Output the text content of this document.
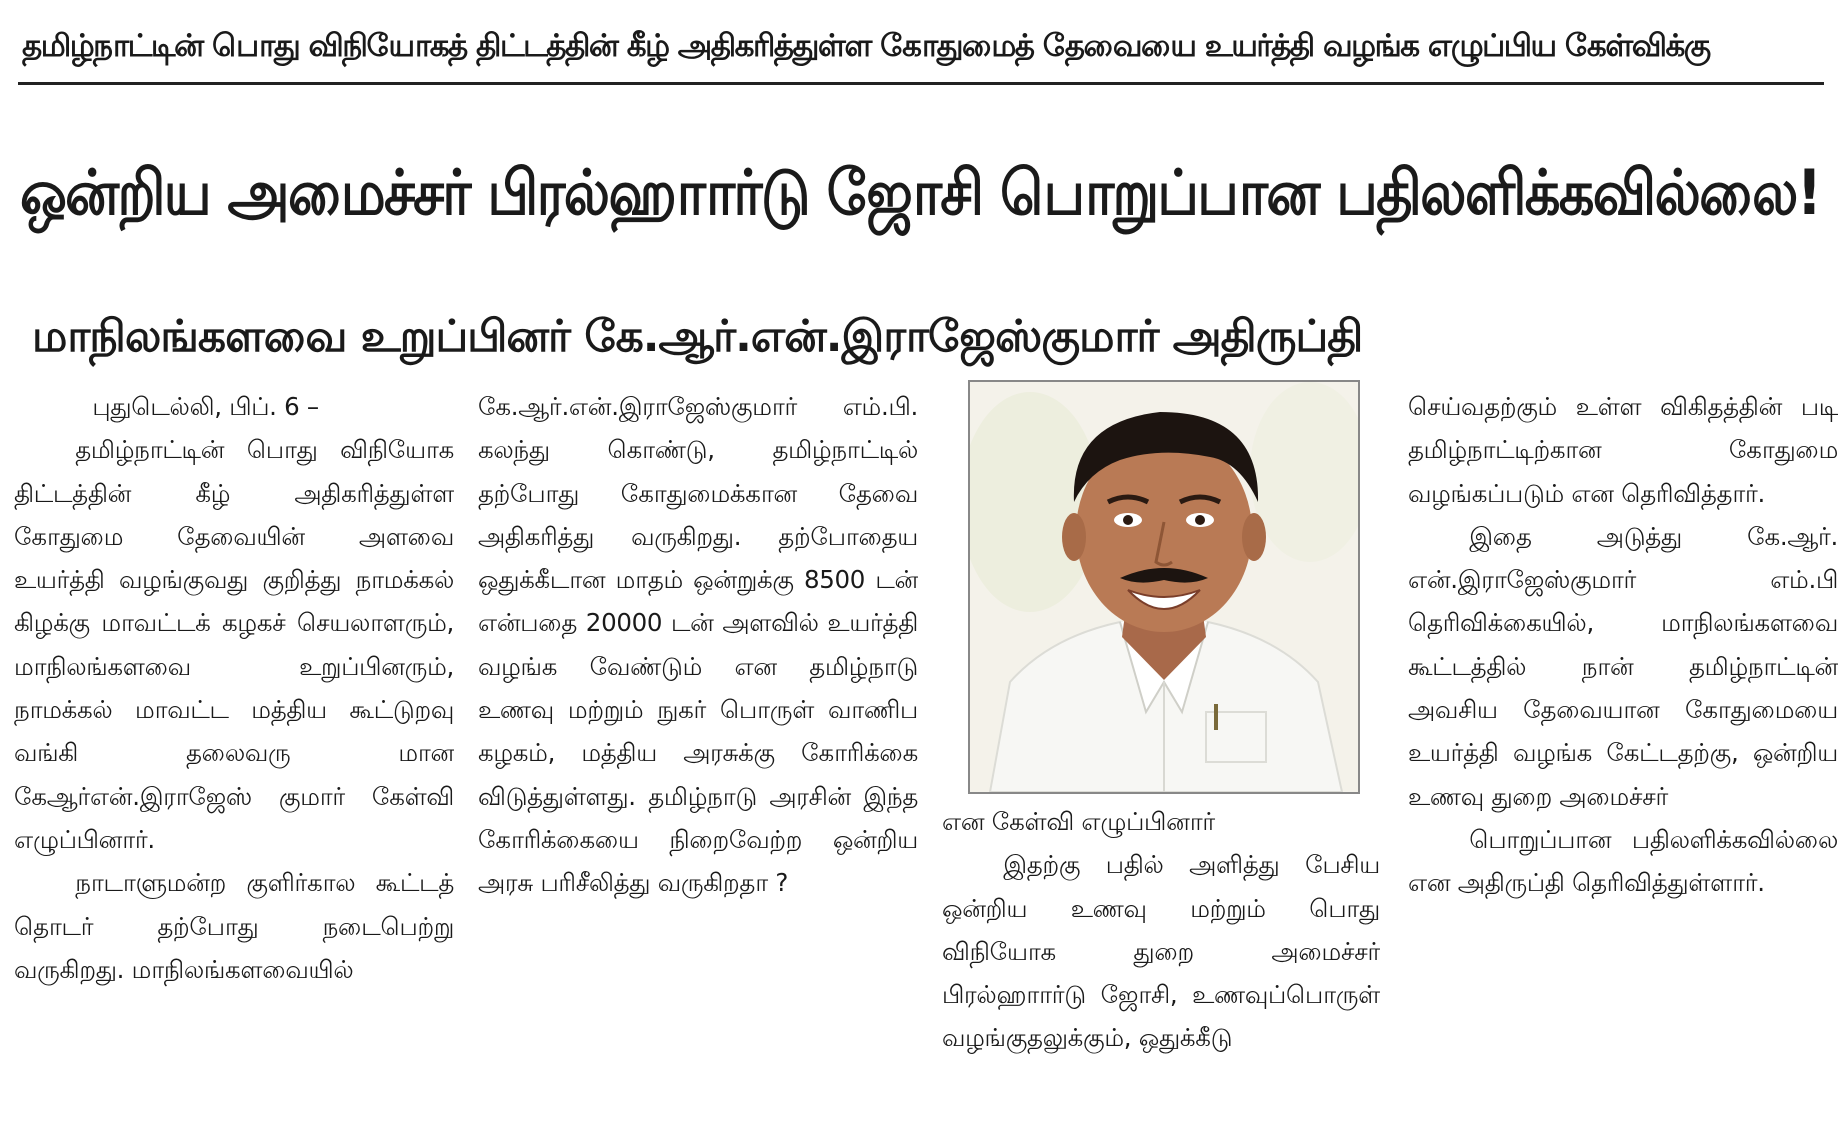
தமிழ்நாட்டின் பொது விநியோகத் திட்டத்தின் கீழ் அதிகரித்துள்ள கோதுமைத் தேவையை உயர்த்தி வழங்க எழுப்பிய கேள்விக்கு
ஒன்றிய அமைச்சர் பிரல்ஹாார்டு ஜோசி பொறுப்பான பதிலளிக்கவில்லை!
மாநிலங்களவை உறுப்பினர் கே.ஆர்.என்.இராஜேஸ்குமார் அதிருப்தி

புதுடெல்லி, பிப். 6 –

தமிழ்நாட்டின் பொது விநியோக திட்டத்தின் கீழ் அதிகரித்துள்ள கோதுமை தேவையின் அளவை உயர்த்தி வழங்குவது குறித்து நாமக்கல் கிழக்கு மாவட்டக் கழகச் செயலாளரும், மாநிலங்களவை உறுப்பினரும், நாமக்கல் மாவட்ட மத்திய கூட்டுறவு வங்கி தலைவரு மான கேஆர்என்.இராஜேஸ் குமார் கேள்வி எழுப்பினார்.

நாடாளுமன்ற குளிர்கால கூட்டத் தொடர் தற்போது நடைபெற்று வருகிறது. மாநிலங்களவையில்

கே.ஆர்.என்.இராஜேஸ்குமார் எம்.பி. கலந்து கொண்டு, தமிழ்நாட்டில் தற்போது கோதுமைக்கான தேவை அதிகரித்து வருகிறது. தற்போதைய ஒதுக்கீடான மாதம் ஒன்றுக்கு 8500 டன் என்பதை 20000 டன் அளவில் உயர்த்தி வழங்க வேண்டும் என தமிழ்நாடு உணவு மற்றும் நுகர் பொருள் வாணிப கழகம், மத்திய அரசுக்கு கோரிக்கை விடுத்துள்ளது. தமிழ்நாடு அரசின் இந்த கோரிக்கையை நிறைவேற்ற ஒன்றிய அரசு பரிசீலித்து வருகிறதா ?

என கேள்வி எழுப்பினார்

இதற்கு பதில் அளித்து பேசிய ஒன்றிய உணவு மற்றும் பொது விநியோக துறை அமைச்சர் பிரல்ஹாார்டு ஜோசி, உணவுப்பொருள் வழங்குதலுக்கும், ஒதுக்கீடு

செய்வதற்கும் உள்ள விகிதத்தின் படி தமிழ்நாட்டிற்கான கோதுமை வழங்கப்படும் என தெரிவித்தார்.

இதை அடுத்து கே.ஆர். என்.இராஜேஸ்குமார் எம்.பி தெரிவிக்கையில், மாநிலங்களவை கூட்டத்தில் நான் தமிழ்நாட்டின் அவசிய தேவையான கோதுமையை உயர்த்தி வழங்க கேட்டதற்கு, ஒன்றிய உணவு துறை அமைச்சர்

பொறுப்பான பதிலளிக்கவில்லை என அதிருப்தி தெரிவித்துள்ளார்.
